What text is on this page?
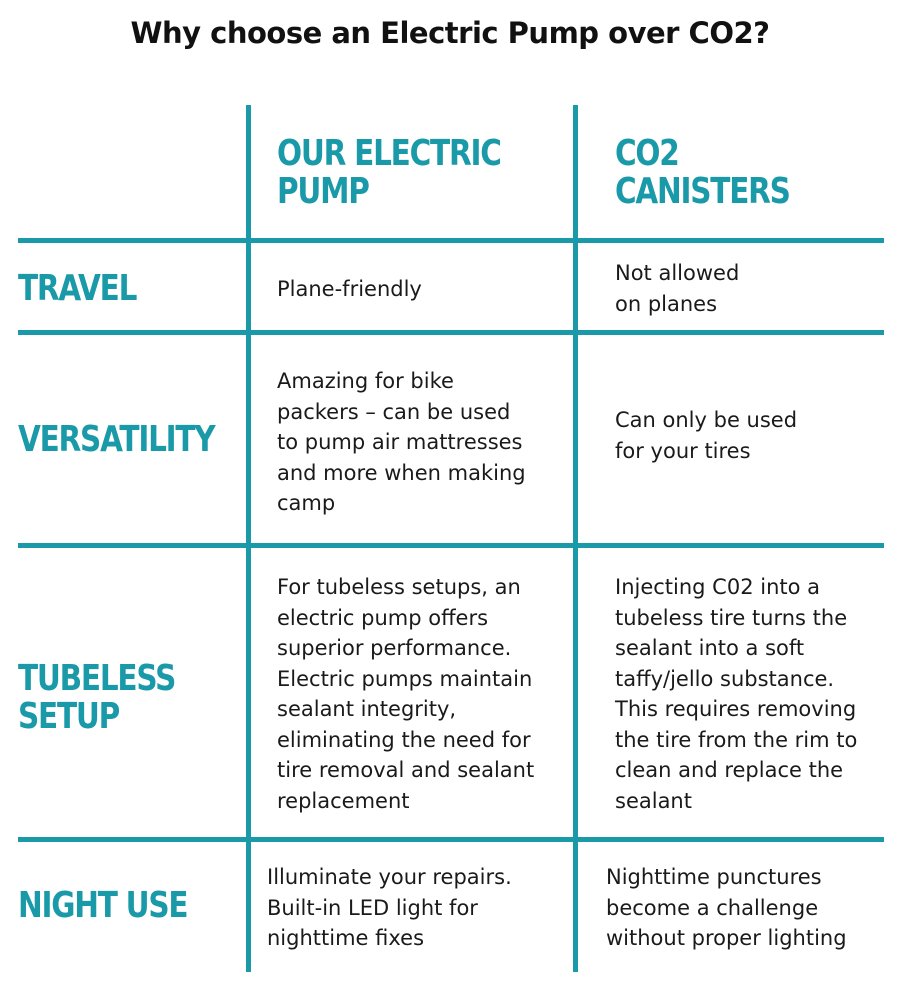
Why choose an Electric Pump over CO2?
OUR ELECTRIC
PUMP
CO2
CANISTERS
TRAVEL	Plane-friendly
Not allowed
on planes
VERSATILITY
Amazing for bike
packers – can be used
to pump air mattresses
and more when making
camp
Can only be used
for your tires
TUBELESS
SETUP
For tubeless setups, an
electric pump offers
superior performance.
Electric pumps maintain
sealant integrity,
eliminating the need for
tire removal and sealant
replacement
Injecting C02 into a
tubeless tire turns the
sealant into a soft
taffy/jello substance.
This requires removing
the tire from the rim to
clean and replace the
sealant
NIGHT USE
Illuminate your repairs.
Built-in LED light for
nighttime fixes
Nighttime punctures
become a challenge
without proper lighting
